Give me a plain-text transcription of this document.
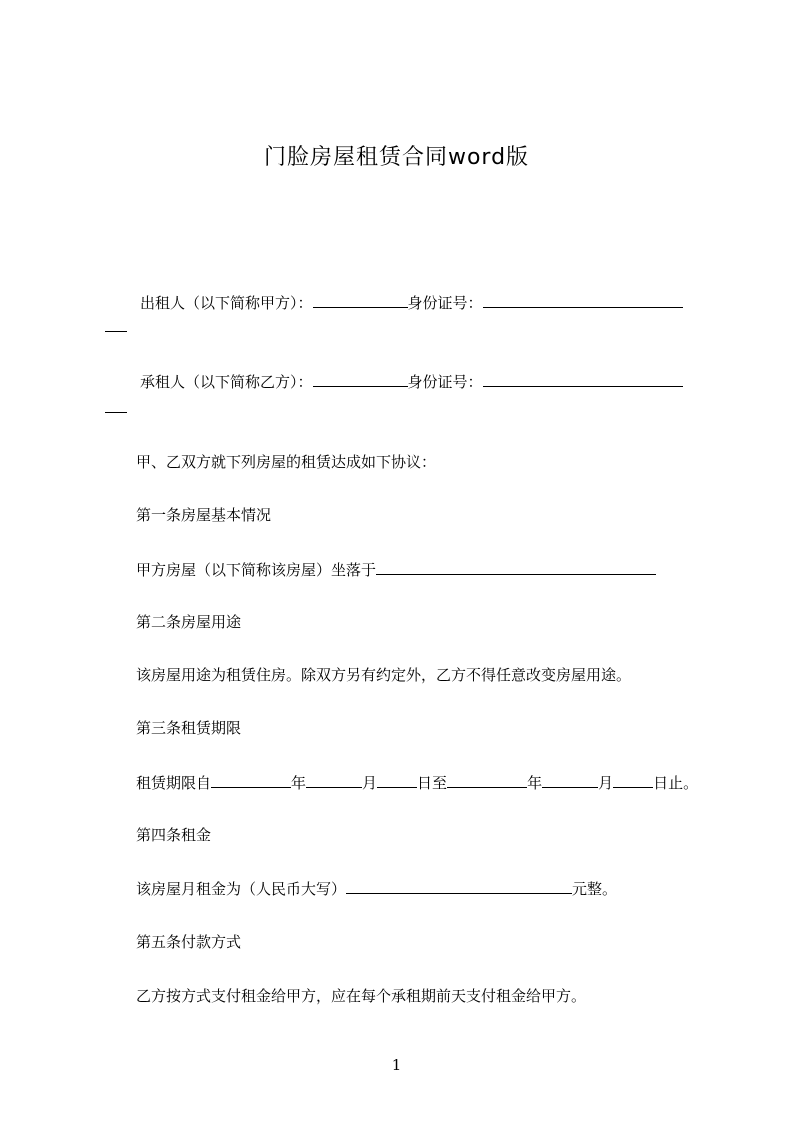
门脸房屋租赁合同word版
出租人（以下简称甲方）：	身份证号：
承租人（以下简称乙方）：	身份证号：
甲、乙双方就下列房屋的租赁达成如下协议：
第一条房屋基本情况
甲方房屋（以下简称该房屋）坐落于
第二条房屋用途
该房屋用途为租赁住房。除双方另有约定外，乙方不得任意改变房屋用途。
第三条租赁期限
租赁期限自	年	月	日至	年	月	日止。
第四条租金
该房屋月租金为（人民币大写）	元整。
第五条付款方式
乙方按方式支付租金给甲方，应在每个承租期前天支付租金给甲方。
1
